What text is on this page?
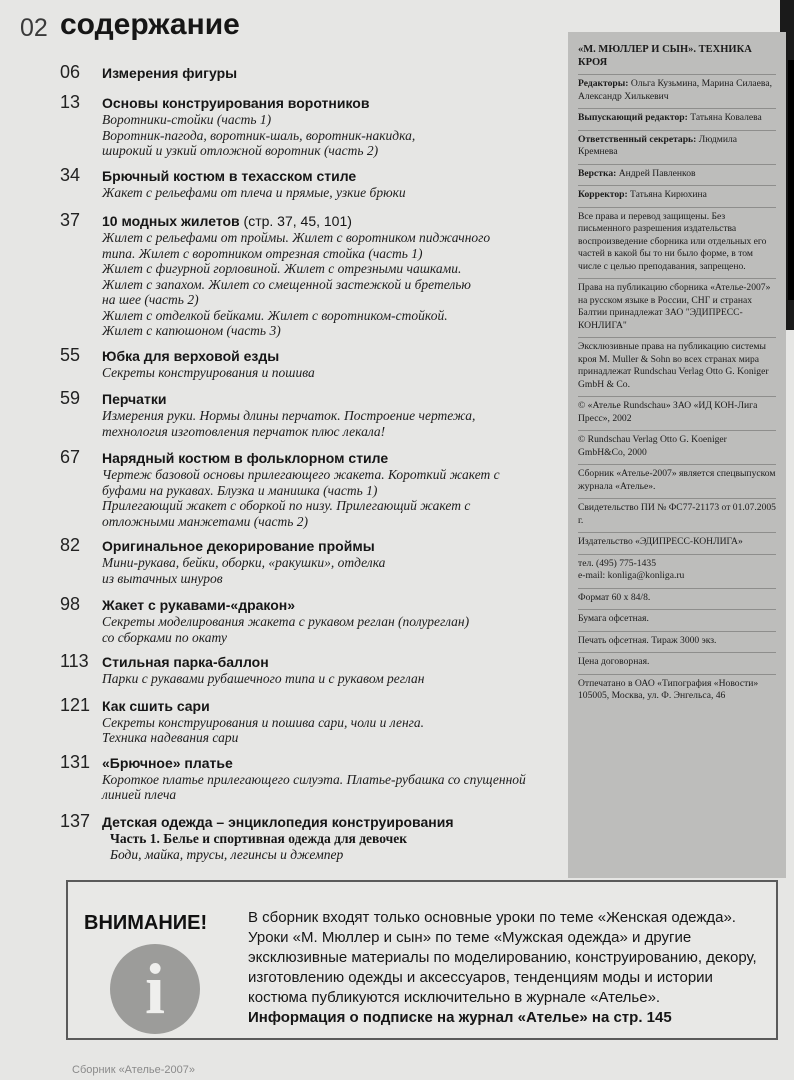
02 содержание
06	Измерения фигуры
13	Основы конструирования воротников
Воротники-стойки (часть 1)
Воротник-пагода, воротник-шаль, воротник-накидка,
широкий и узкий отложной воротник (часть 2)
34	Брючный костюм в техасском стиле
Жакет с рельефами от плеча и прямые, узкие брюки
37	10 модных жилетов (стр. 37, 45, 101)
Жилет с рельефами от проймы. Жилет с воротником пиджачного
типа. Жилет с воротником отрезная стойка (часть 1)
Жилет с фигурной горловиной. Жилет с отрезными чашками.
Жилет с запахом. Жилет со смещенной застежкой и бретелью
на шее (часть 2)
Жилет с отделкой бейками. Жилет с воротником-стойкой.
Жилет с капюшоном (часть 3)
55	Юбка для верховой езды
Секреты конструирования и пошива
59	Перчатки
Измерения руки. Нормы длины перчаток. Построение чертежа,
технология изготовления перчаток плюс лекала!
67	Нарядный костюм в фольклорном стиле
Чертеж базовой основы прилегающего жакета. Короткий жакет с
буфами на рукавах. Блузка и манишка (часть 1)
Прилегающий жакет с оборкой по низу. Прилегающий жакет с
отложными манжетами (часть 2)
82	Оригинальное декорирование проймы
Мини-рукава, бейки, оборки, «ракушки», отделка
из вытачных шнуров
98	Жакет с рукавами-«дракон»
Секреты моделирования жакета с рукавом реглан (полуреглан)
со сборками по окату
113 Стильная парка-баллон
Парки с рукавами рубашечного типа и с рукавом реглан
121 Как сшить сари
Секреты конструирования и пошива сари, чоли и ленга.
Техника надевания сари
131 «Брючное» платье
Короткое платье прилегающего силуэта. Платье-рубашка со спущенной
линией плеча
137 Детская одежда – энциклопедия конструирования
Часть 1. Белье и спортивная одежда для девочек
Боди, майка, трусы, легинсы и джемпер
«М. МЮЛЛЕР И СЫН». ТЕХНИКА КРОЯ
Редакторы: Ольга Кузьмина, Марина Силаева, Александр Хилькевич
Выпускающий редактор: Татьяна Ковалева
Ответственный секретарь: Людмила Кремнева
Верстка: Андрей Павленков
Корректор: Татьяна Кирюхина
Все права и перевод защищены. Без письменного разрешения издательства воспроизведение сборника или отдельных его частей в какой бы то ни было форме, в том числе с целью преподавания, запрещено.
Права на публикацию сборника «Ателье-2007» на русском языке в России, СНГ и странах Балтии принадлежат ЗАО "ЭДИПРЕСС-КОНЛИГА"
Эксклюзивные права на публикацию системы кроя M. Muller & Sohn во всех странах мира принадлежат Rundschau Verlag Otto G. Koniger GmbH & Co.
© «Ателье Rundschau» ЗАО «ИД КОН-Лига Пресс», 2002
© Rundschau Verlag Otto G. Koeniger GmbH&Co, 2000
Сборник «Ателье-2007» является спецвыпуском журнала «Ателье».
Свидетельство ПИ № ФС77-21173 от 01.07.2005 г.
Издательство «ЭДИПРЕСС-КОНЛИГА»
тел. (495) 775-1435
e-mail: konliga@konliga.ru
Формат 60 х 84/8.
Бумага офсетная.
Печать офсетная. Тираж 3000 экз.
Цена договорная.
Отпечатано в ОАО «Типография «Новости»
105005, Москва, ул. Ф. Энгельса, 46
ВНИМАНИЕ!
i
В сборник входят только основные уроки по теме «Женская одежда». Уроки «М. Мюллер и сын» по теме «Мужская одежда» и другие эксклюзивные материалы по моделированию, конструированию, декору, изготовлению одежды и аксессуаров, тенденциям моды и истории костюма публикуются исключительно в журнале «Ателье».
Информация о подписке на журнал «Ателье» на стр. 145
Сборник «Ателье-2007»
